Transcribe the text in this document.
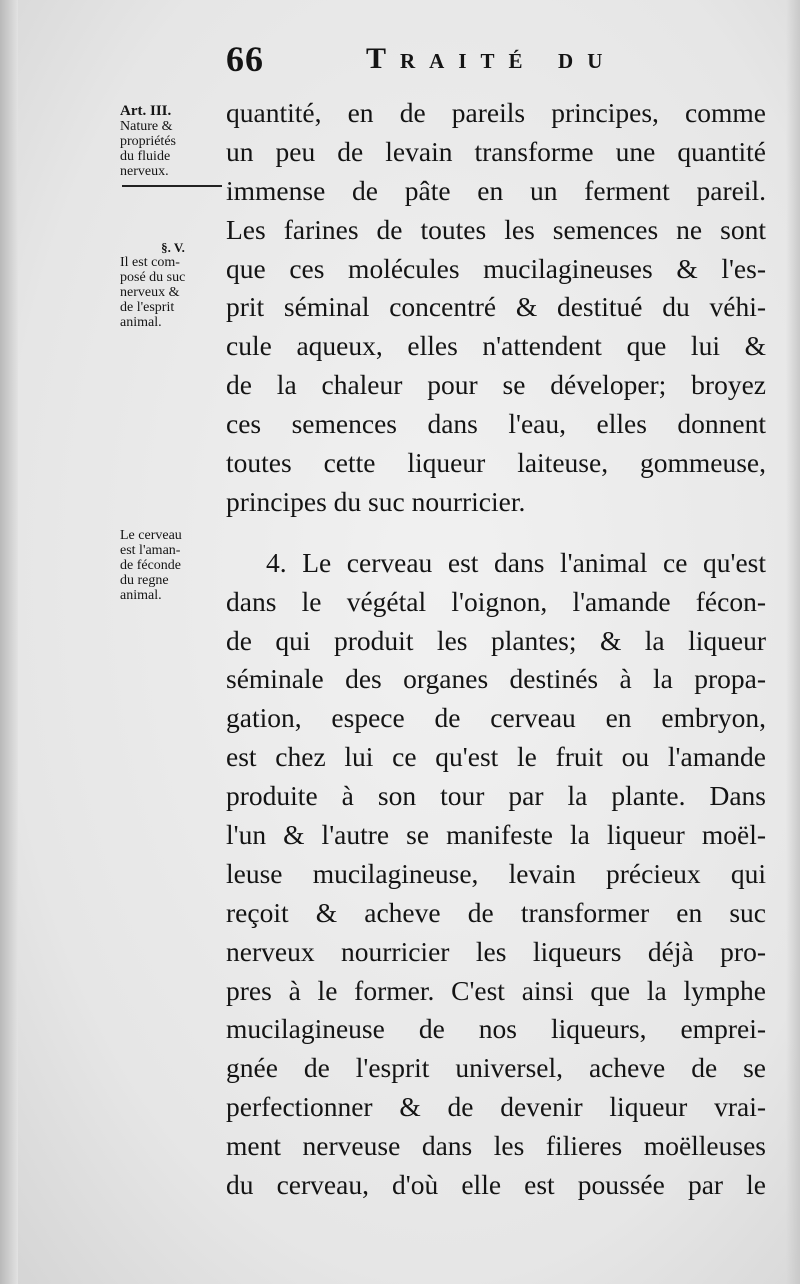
66	Traité du
Art. III.
Nature &
propriétés
du fluide
nerveux.
§. V.
Il est com-
posé du suc
nerveux &
de l'esprit
animal.
Le cerveau
est l'aman-
de féconde
du regne
animal.
quantité, en de pareils principes, comme
un peu de levain transforme une quantité
immense de pâte en un ferment pareil.
Les farines de toutes les semences ne sont
que ces molécules mucilagineuses & l'es-
prit séminal concentré & destitué du véhi-
cule aqueux, elles n'attendent que lui &
de la chaleur pour se déveloper; broyez
ces semences dans l'eau, elles donnent
toutes cette liqueur laiteuse, gommeuse,
principes du suc nourricier.
4. Le cerveau est dans l'animal ce qu'est
dans le végétal l'oignon, l'amande fécon-
de qui produit les plantes; & la liqueur
séminale des organes destinés à la propa-
gation, espece de cerveau en embryon,
est chez lui ce qu'est le fruit ou l'amande
produite à son tour par la plante. Dans
l'un & l'autre se manifeste la liqueur moël-
leuse mucilagineuse, levain précieux qui
reçoit & acheve de transformer en suc
nerveux nourricier les liqueurs déjà pro-
pres à le former. C'est ainsi que la lymphe
mucilagineuse de nos liqueurs, emprei-
gnée de l'esprit universel, acheve de se
perfectionner & de devenir liqueur vrai-
ment nerveuse dans les filieres moëlleuses
du cerveau, d'où elle est poussée par le
